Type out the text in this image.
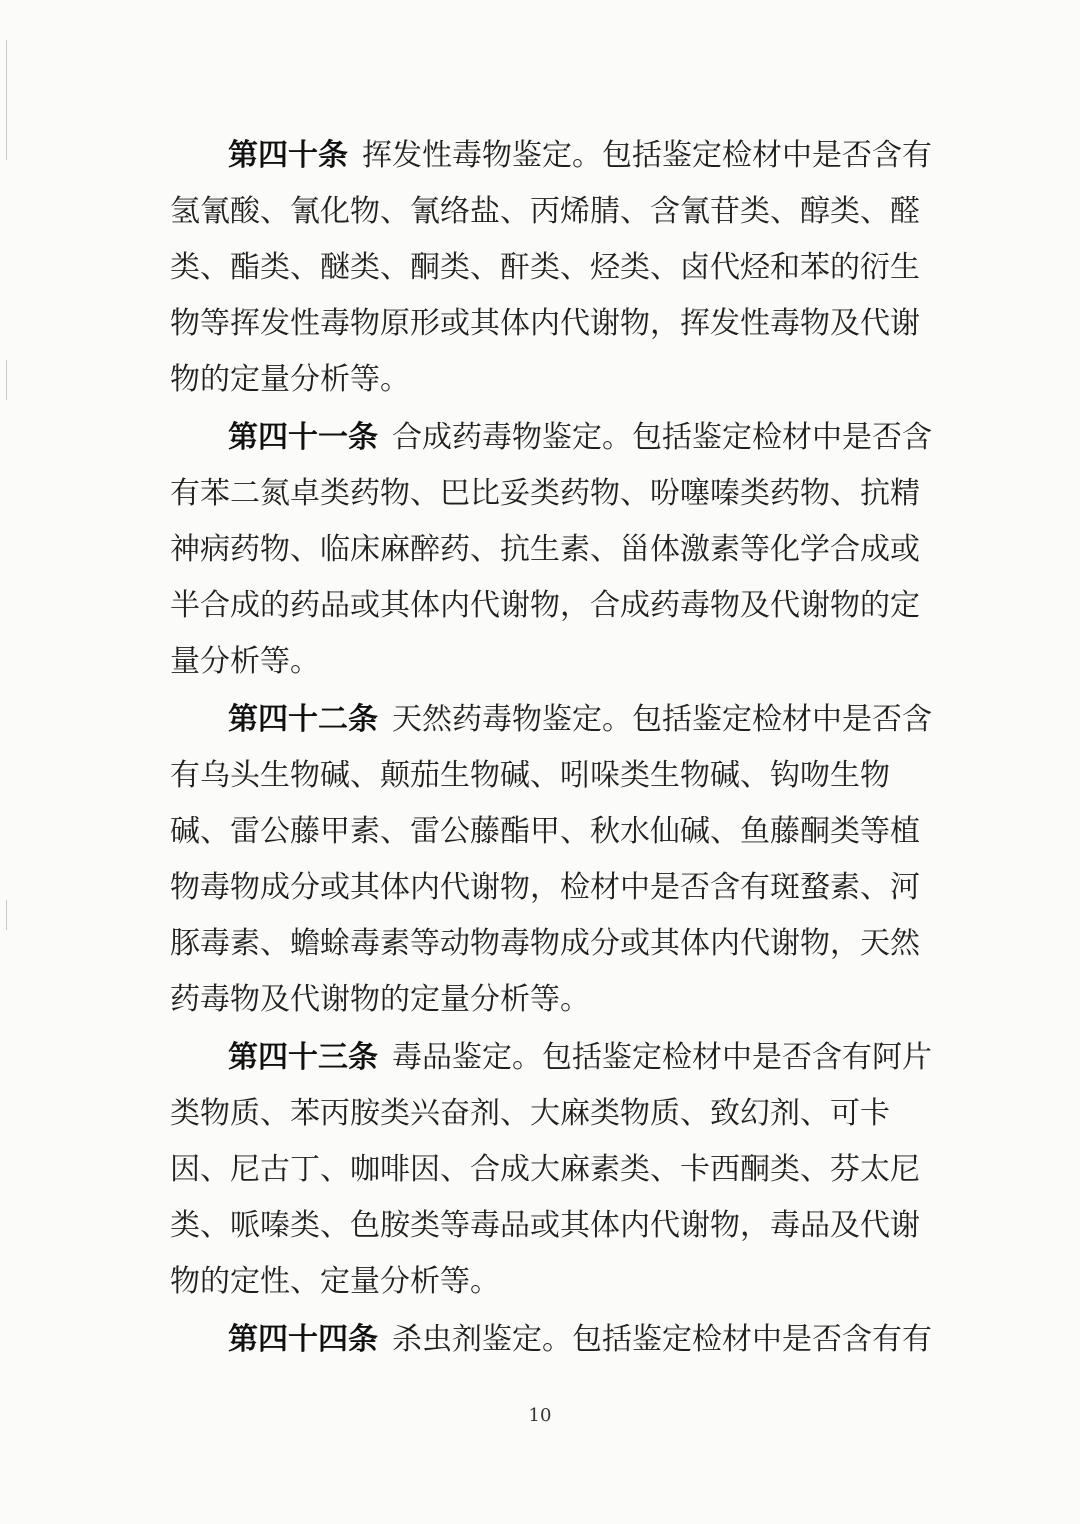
第四十条 挥发性毒物鉴定。包括鉴定检材中是否含有
氢氰酸、氰化物、氰络盐、丙烯腈、含氰苷类、醇类、醛
类、酯类、醚类、酮类、酐类、烃类、卤代烃和苯的衍生
物等挥发性毒物原形或其体内代谢物，挥发性毒物及代谢
物的定量分析等。
第四十一条 合成药毒物鉴定。包括鉴定检材中是否含
有苯二氮卓类药物、巴比妥类药物、吩噻嗪类药物、抗精
神病药物、临床麻醉药、抗生素、甾体激素等化学合成或
半合成的药品或其体内代谢物，合成药毒物及代谢物的定
量分析等。
第四十二条 天然药毒物鉴定。包括鉴定检材中是否含
有乌头生物碱、颠茄生物碱、吲哚类生物碱、钩吻生物
碱、雷公藤甲素、雷公藤酯甲、秋水仙碱、鱼藤酮类等植
物毒物成分或其体内代谢物，检材中是否含有斑蝥素、河
豚毒素、蟾蜍毒素等动物毒物成分或其体内代谢物，天然
药毒物及代谢物的定量分析等。
第四十三条 毒品鉴定。包括鉴定检材中是否含有阿片
类物质、苯丙胺类兴奋剂、大麻类物质、致幻剂、可卡
因、尼古丁、咖啡因、合成大麻素类、卡西酮类、芬太尼
类、哌嗪类、色胺类等毒品或其体内代谢物，毒品及代谢
物的定性、定量分析等。
第四十四条 杀虫剂鉴定。包括鉴定检材中是否含有有
10
